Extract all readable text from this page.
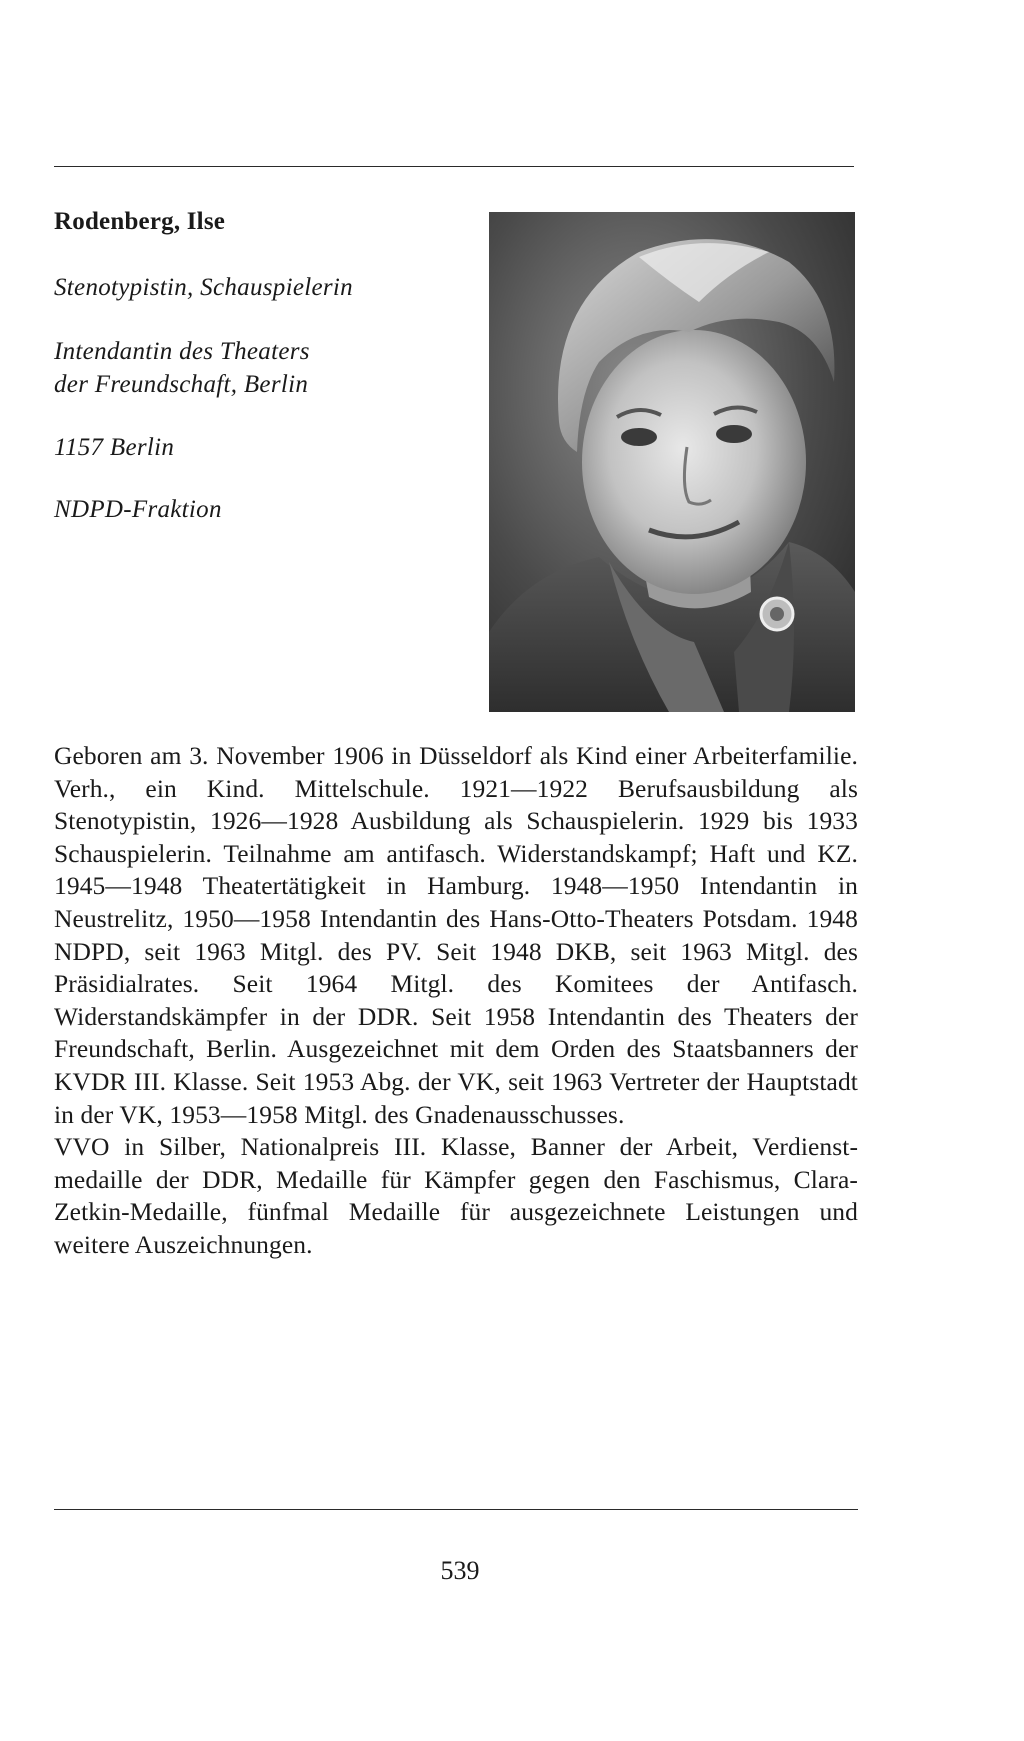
Rodenberg, Ilse
Stenotypistin, Schauspielerin
Intendantin des Theaters
der Freundschaft, Berlin
1157 Berlin
NDPD-Fraktion

Geboren am 3. November 1906 in Düsseldorf als Kind einer Arbeiterfamilie. Verh., ein Kind. Mittelschule. 1921—1922 Berufsausbildung als Stenotypistin, 1926—1928 Ausbildung als Schauspielerin. 1929 bis 1933 Schauspielerin. Teilnahme am antifasch. Widerstandskampf; Haft und KZ. 1945—1948 Theatertätigkeit in Hamburg. 1948—1950 Intendantin in Neustrelitz, 1950—1958 Intendantin des Hans-Otto-Theaters Potsdam. 1948 NDPD, seit 1963 Mitgl. des PV. Seit 1948 DKB, seit 1963 Mitgl. des Präsidialrates. Seit 1964 Mitgl. des Komitees der Antifasch. Widerstandskämpfer in der DDR. Seit 1958 Intendantin des Theaters der Freundschaft, Berlin. Ausgezeichnet mit dem Orden des Staatsbanners der KVDR III. Klasse. Seit 1953 Abg. der VK, seit 1963 Vertreter der Hauptstadt in der VK, 1953—1958 Mitgl. des Gnadenausschusses.

VVO in Silber, Nationalpreis III. Klasse, Banner der Arbeit, Verdienstmedaille der DDR, Medaille für Kämpfer gegen den Faschismus, Clara-Zetkin-Medaille, fünfmal Medaille für ausgezeichnete Leistungen und weitere Auszeichnungen.

539
